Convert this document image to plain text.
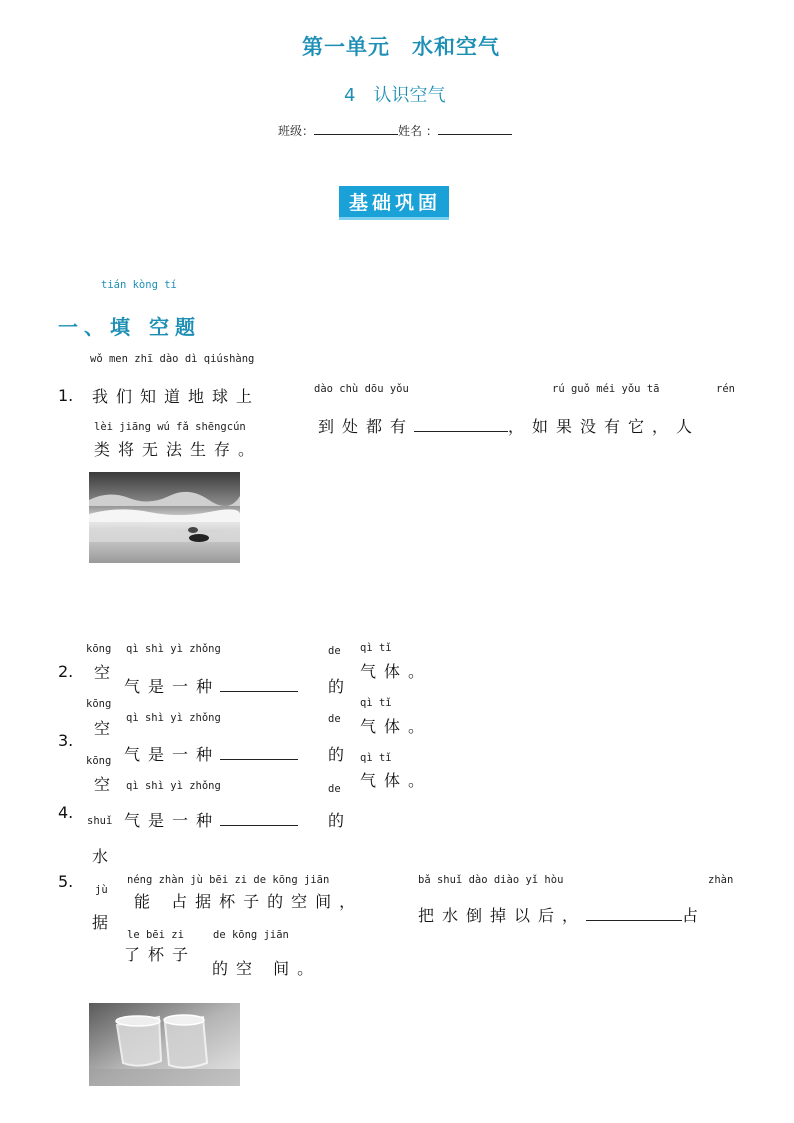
第一单元　水和空气
4　认识空气
班级：	姓名 ：
基础巩固
tián kòng tí
一、填 空题
wǒ men zhī dào dì qiúshàng
1. 我们知道地球上	dào chù dōu yǒu	rú guǒ méi yǒu tā	rén
到处都有	，如果没有它，人
lèi jiāng wú fǎ shēngcún
类将无法生存。
kōng qì shì yì zhǒng	de qì tǐ
2. 空	气体。
气是一种	的
kōng	qì tǐ
qì shì yì zhǒng	de
空	气体。
3.
气是一种	的
kōng	qì tǐ
空	气体。
qì shì yì zhǒng	de
4.	气是一种	的
shuǐ
水
5.	néng zhàn jù bēi zi de kōng jiān	bǎ shuǐ dào diào yǐ hòu	zhàn
jù
能 占据杯子的空间，
把水倒掉以后，	占
据
le bēi zi	de kōng jiān
了杯子
的空 间。
